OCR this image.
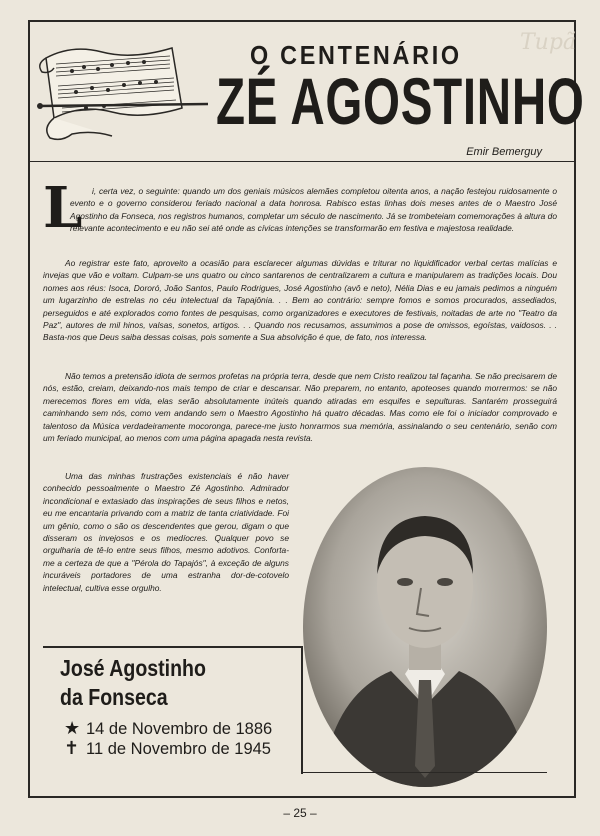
Tupã
O CENTENÁRIO
ZÉ AGOSTINHO
Emir Bemerguy
L	i, certa vez, o seguinte: quando um dos geniais músicos alemães completou oitenta anos, a nação festejou ruidosamente o evento e o governo considerou feriado nacional a data honrosa. Rabisco estas linhas dois meses antes de o Maestro José Agostinho da Fonseca, nos registros humanos, completar um século de nascimento. Já se trombeteiam comemorações à altura do relevante acontecimento e eu não sei até onde as cívicas intenções se transformarão em festiva e majestosa realidade.

Ao registrar este fato, aproveito a ocasião para esclarecer algumas dúvidas e triturar no liquidificador verbal certas malícias e invejas que vão e voltam. Culpam-se uns quatro ou cinco santarenos de centralizarem a cultura e manipularem as tradições locais. Dou nomes aos réus: Isoca, Dororó, João Santos, Paulo Rodrigues, José Agostinho (avô e neto), Nélia Dias e eu jamais pedimos a ninguém um lugarzinho de estrelas no céu intelectual da Tapajônia. . . Bem ao contrário: sempre fomos e somos procurados, assediados, perseguidos e até explorados como fontes de pesquisas, como organizadores e executores de festivais, noitadas de arte no "Teatro da Paz", autores de mil hinos, valsas, sonetos, artigos. . . Quando nos recusamos, assumimos a pose de omissos, egoístas, vaidosos. . . Basta-nos que Deus saiba dessas coisas, pois somente a Sua absolvição é que, de fato, nos interessa.

Não temos a pretensão idiota de sermos profetas na própria terra, desde que nem Cristo realizou tal façanha. Se não precisarem de nós, estão, creiam, deixando-nos mais tempo de criar e descansar. Não preparem, no entanto, apoteoses quando morrermos: se não merecemos flores em vida, elas serão absolutamente inúteis quando atiradas em esquifes e sepulturas. Santarém prosseguirá caminhando sem nós, como vem andando sem o Maestro Agostinho há quatro décadas. Mas como ele foi o iniciador comprovado e talentoso da Música verdadeiramente mocoronga, parece-me justo honrarmos sua memória, assinalando o seu centenário, senão com um feriado municipal, ao menos com uma página apagada nesta revista.

Uma das minhas frustrações existenciais é não haver conhecido pessoalmente o Maestro Zé Agostinho. Admirador incondicional e extasiado das inspirações de seus filhos e netos, eu me encantaria privando com a matriz de tanta criatividade. Foi um gênio, como o são os descendentes que gerou, digam o que disseram os invejosos e os medíocres. Qualquer povo se orgulharia de tê-lo entre seus filhos, mesmo adotivos. Conforta-me a certeza de que a "Pérola do Tapajós", à exceção de alguns incuráveis portadores de uma estranha dor-de-cotovelo intelectual, cultiva esse orgulho.

José Agostinho
da Fonseca
★ 14 de Novembro de 1886
✝ 11 de Novembro de 1945
– 25 –
